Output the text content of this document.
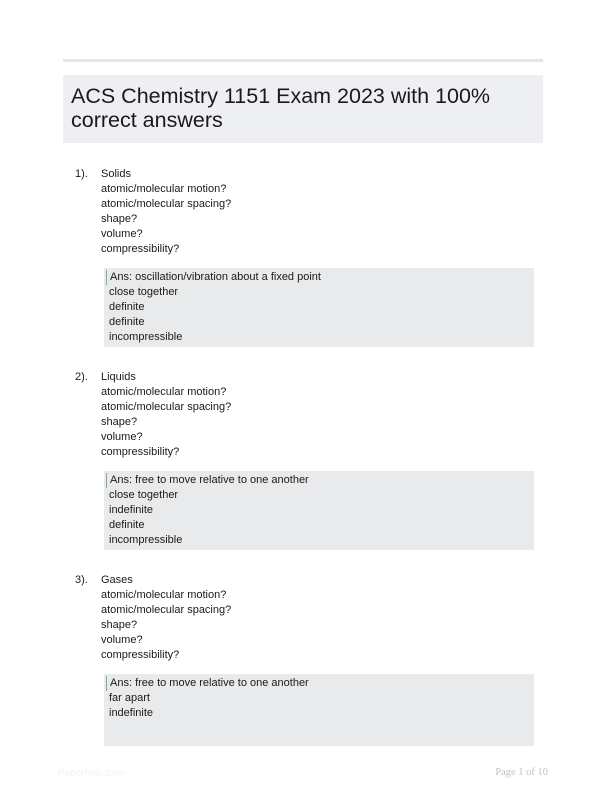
ACS Chemistry 1151 Exam 2023 with 100% correct answers
1). Solids
atomic/molecular motion?
atomic/molecular spacing?
shape?
volume?
compressibility?
Ans: oscillation/vibration about a fixed point
close together
definite
definite
incompressible
2). Liquids
atomic/molecular motion?
atomic/molecular spacing?
shape?
volume?
compressibility?
Ans: free to move relative to one another
close together
indefinite
definite
incompressible
3). Gases
atomic/molecular motion?
atomic/molecular spacing?
shape?
volume?
compressibility?
Ans: free to move relative to one another
far apart
indefinite
Paperhelp.com	Page 1 of 10
